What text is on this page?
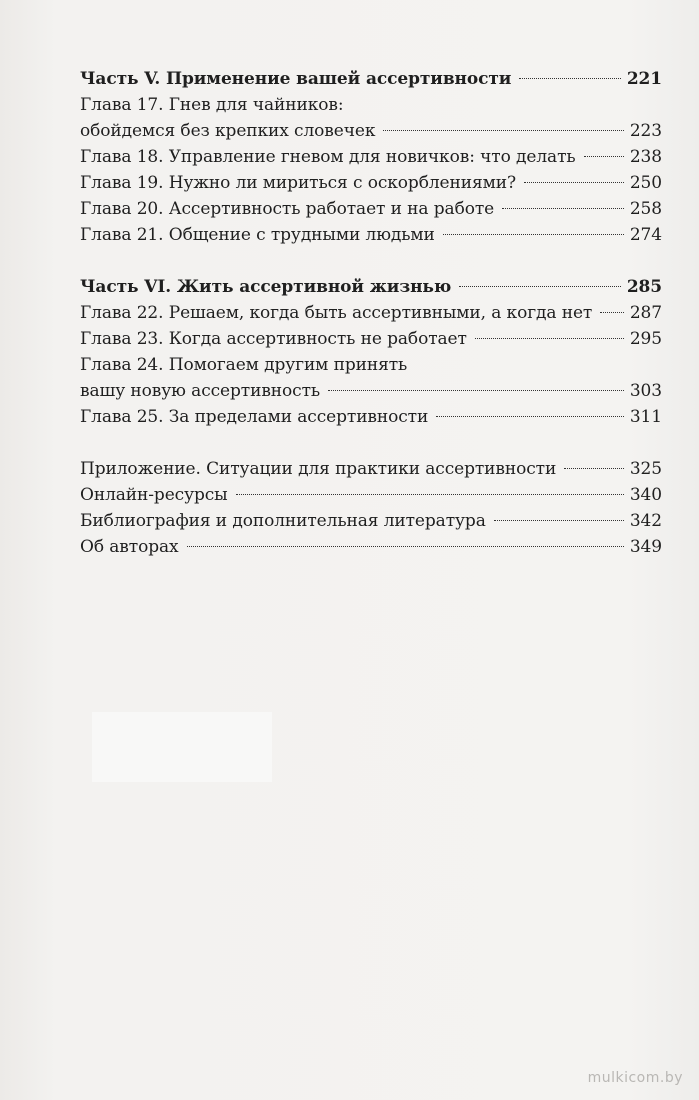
Часть V. Применение вашей ассертивности	221
Глава 17. Гнев для чайников:
обойдемся без крепких словечек	223
Глава 18. Управление гневом для новичков: что делать	238
Глава 19. Нужно ли мириться с оскорблениями?	250
Глава 20. Ассертивность работает и на работе	258
Глава 21. Общение с трудными людьми	274
Часть VI. Жить ассертивной жизнью	285
Глава 22. Решаем, когда быть ассертивными, а когда нет 287
Глава 23. Когда ассертивность не работает	295
Глава 24. Помогаем другим принять
вашу новую ассертивность	303
Глава 25. За пределами ассертивности	311
Приложение. Ситуации для практики ассертивности	325
Онлайн-ресурсы	340
Библиография и дополнительная литература	342
Об авторах	349
mulkicom.by
